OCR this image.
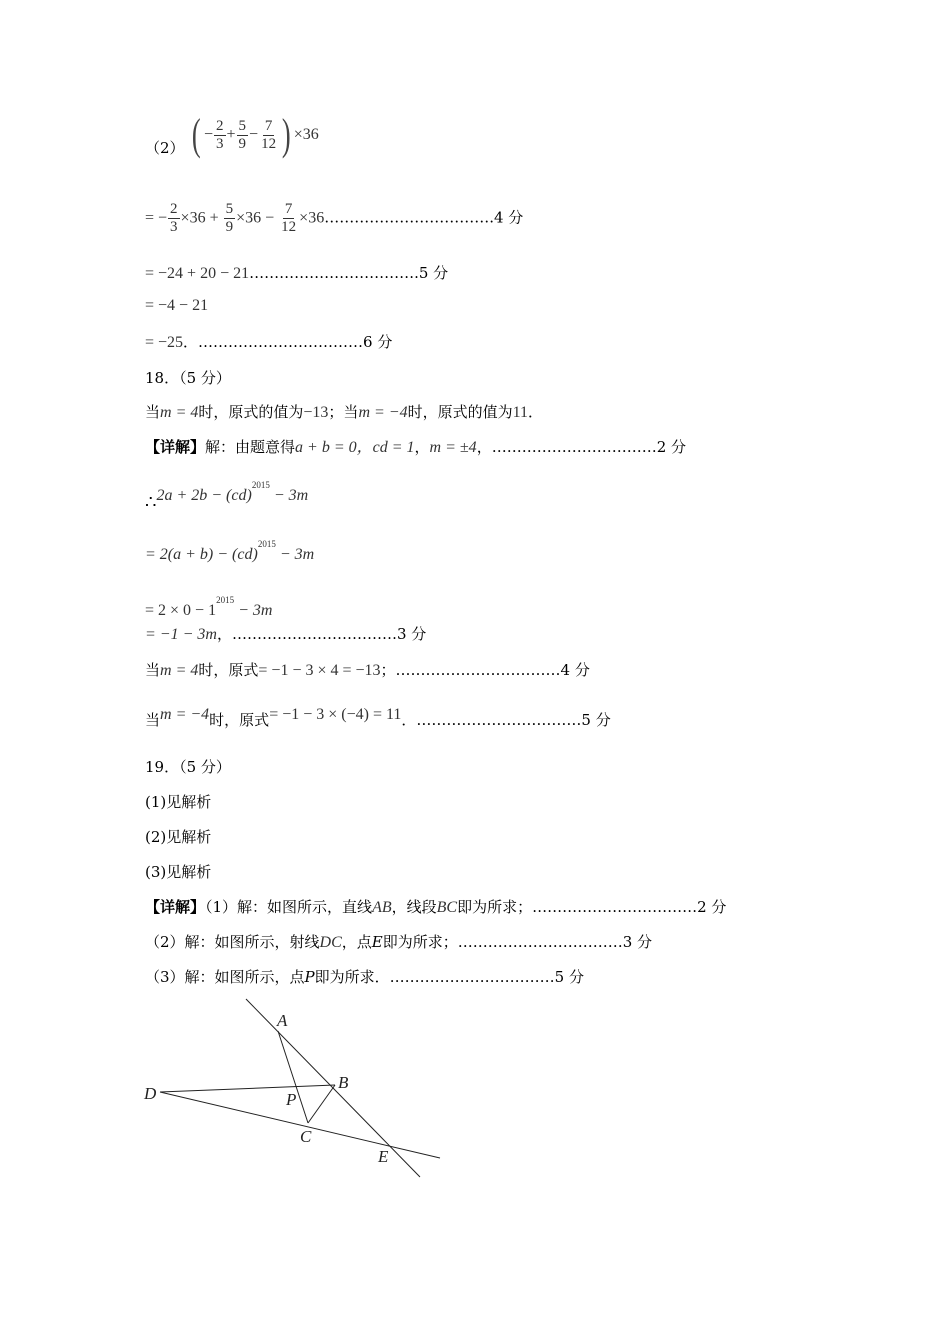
（2） ( − $\frac{2}{3} + \frac{5}{9} - \frac{7}{12}$ ) ×36
= − $\frac{2}{3} \times 36 + \frac{5}{9} \times 36 - \frac{7}{12}$ ×36…………………………….4 分
= −24 + 20 − 21…………………………….5 分
= −4 − 21
= −25．……………………………6 分
18．（5 分）
当m = 4时，原式的值为−13；当m = −4时，原式的值为11．
【详解】解：由题意得a + b = 0，cd = 1，m = ±4，……………………………2 分
∴2a + 2b − (cd)$^{2015}$ − 3m
= 2(a + b) − (cd)$^{2015}$ − 3m
= $2 \times 0 - 1^{2015} - 3m$
= −1 − 3m，……………………………3 分
当m = 4时，原式= −1 − 3 × 4 = −13；……………………………4 分
当m = −4时，原式= −1 − 3 × (−4) = 11．……………………………5 分
19．（5 分）
(1)见解析
(2)见解析
(3)见解析
【详解】（1）解：如图所示，直线AB，线段BC即为所求；……………………………2 分
（2）解：如图所示，射线DC，点E即为所求；……………………………3 分
（3）解：如图所示，点P即为所求．……………………………5 分
A
B
C
D
E
P
